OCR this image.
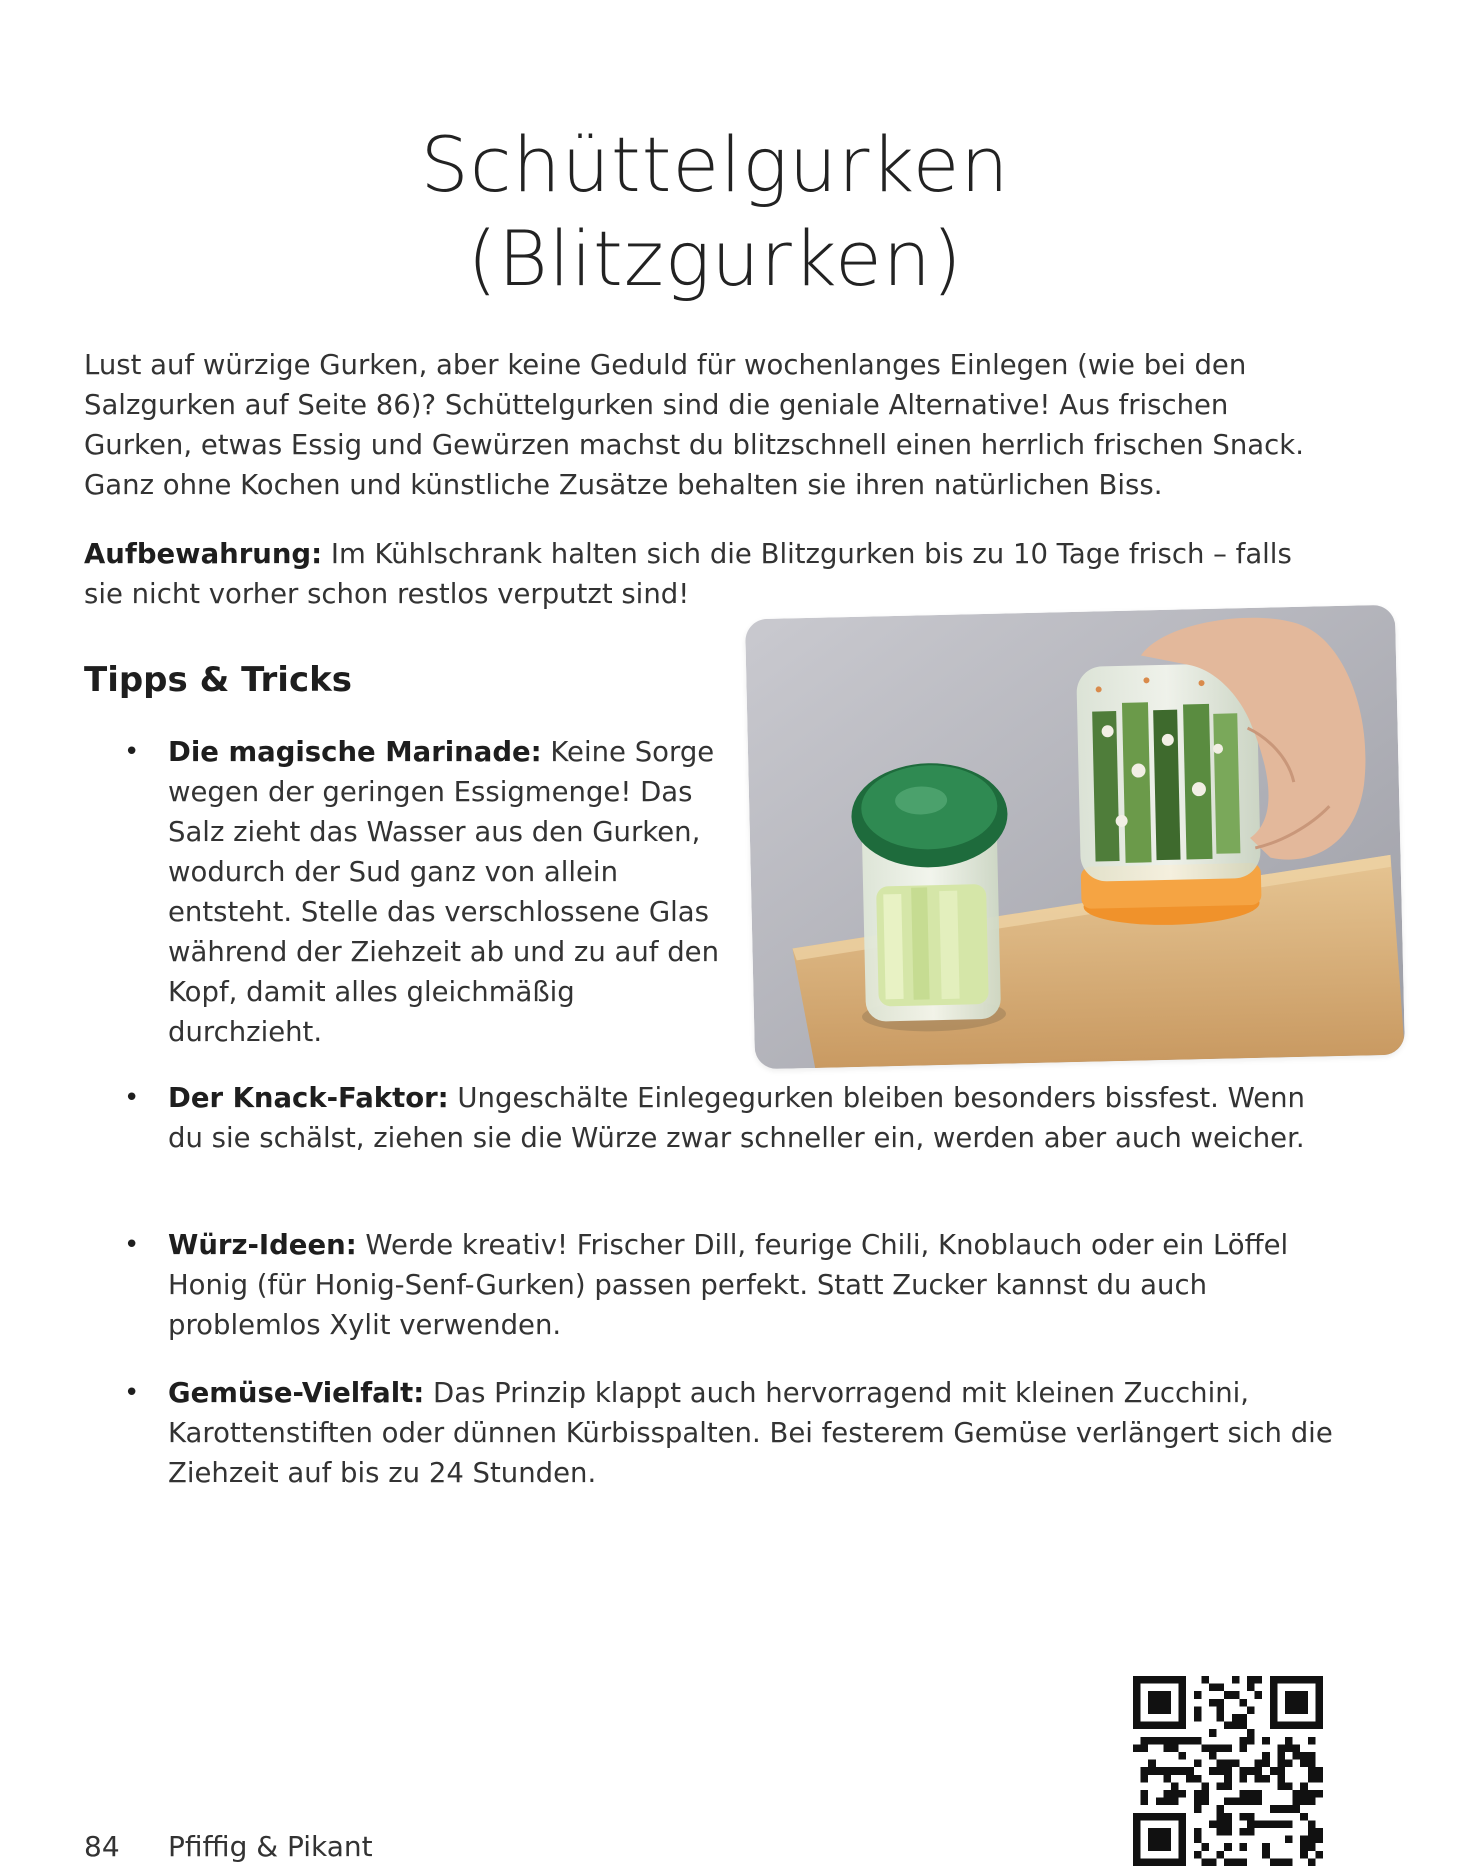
Schüttelgurken
(Blitzgurken)

Lust auf würzige Gurken, aber keine Geduld für wochenlanges Einlegen (wie bei den Salzgurken auf Seite 86)? Schüttelgurken sind die geniale Alternative! Aus frischen Gurken, etwas Essig und Gewürzen machst du blitzschnell einen herrlich frischen Snack. Ganz ohne Kochen und künstliche Zusätze behalten sie ihren natürlichen Biss.

Aufbewahrung: Im Kühlschrank halten sich die Blitzgurken bis zu 10 Tage frisch – falls sie nicht vorher schon restlos verputzt sind!

Tipps & Tricks

• Die magische Marinade: Keine Sorge wegen der geringen Essigmenge! Das Salz zieht das Wasser aus den Gurken, wodurch der Sud ganz von allein entsteht. Stelle das verschlossene Glas während der Ziehzeit ab und zu auf den Kopf, damit alles gleichmäßig durchzieht.

• Der Knack-Faktor: Ungeschälte Einlegegurken bleiben besonders bissfest. Wenn du sie schälst, ziehen sie die Würze zwar schneller ein, werden aber auch weicher.

• Würz-Ideen: Werde kreativ! Frischer Dill, feurige Chili, Knoblauch oder ein Löffel Honig (für Honig-Senf-Gurken) passen perfekt. Statt Zucker kannst du auch problemlos Xylit verwenden.

• Gemüse-Vielfalt: Das Prinzip klappt auch hervorragend mit kleinen Zucchini, Karottenstiften oder dünnen Kürbisspalten. Bei festerem Gemüse verlängert sich die Ziehzeit auf bis zu 24 Stunden.

84 Pfiffig & Pikant
